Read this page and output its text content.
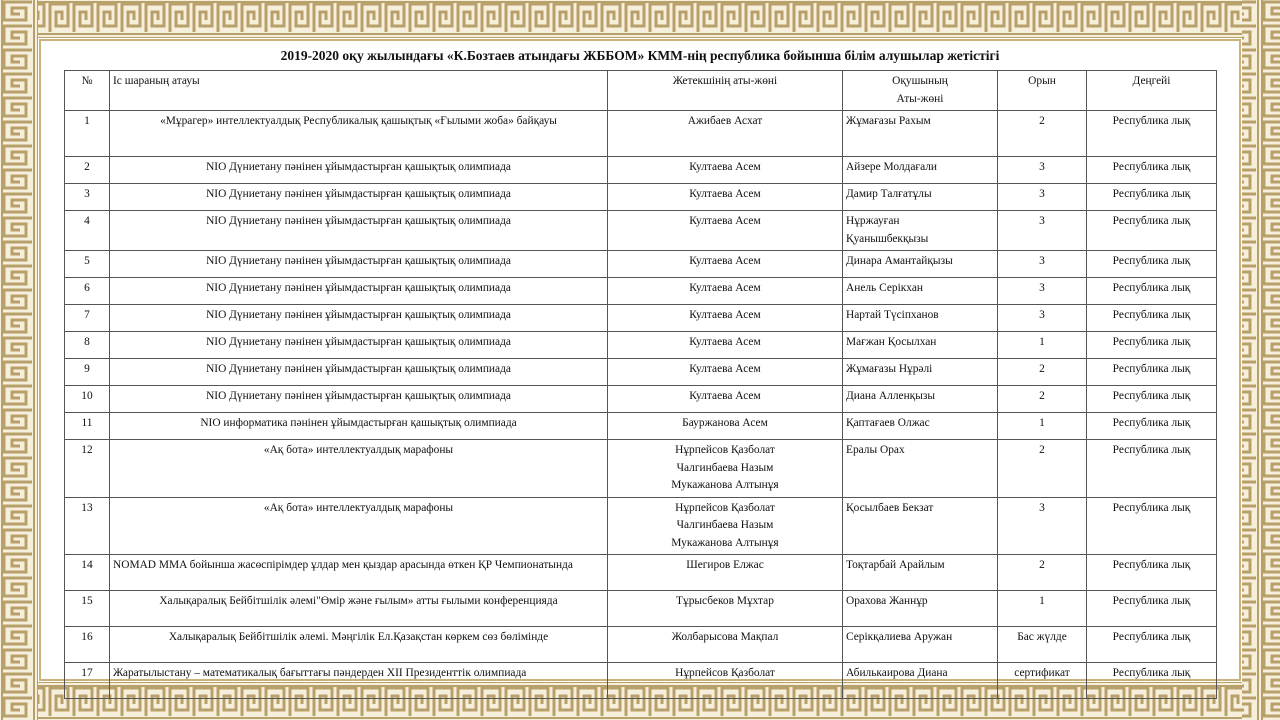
2019-2020 оқу жылындағы «К.Бозтаев атындағы ЖББОМ» КММ-нің республика бойынша білім алушылар жетістігі
№	Іс шараның атауы	Жетекшінің аты-жөні	Оқушының
Аты-жөні	Орын	Деңгейі
1	«Мұрагер» интеллектуалдық Республикалық қашықтық «Ғылыми жоба» байқауы	Ажибаев Асхат	Жұмағазы Рахым	2	Республика лық
2	NIO Дүниетану пәнінен ұйымдастырған қашықтық олимпиада	Култаева Асем	Айзере Молдағали	3	Республика лық
3	NIO Дүниетану пәнінен ұйымдастырған қашықтық олимпиада	Култаева Асем	Дамир Талғатұлы	3	Республика лық
4	NIO Дүниетану пәнінен ұйымдастырған қашықтық олимпиада	Култаева Асем	Нұржауған
Қуанышбекқызы	3	Республика лық
5	NIO Дүниетану пәнінен ұйымдастырған қашықтық олимпиада	Култаева Асем	Динара Амантайқызы	3	Республика лық
6	NIO Дүниетану пәнінен ұйымдастырған қашықтық олимпиада	Култаева Асем	Анель Серікхан	3	Республика лық
7	NIO Дүниетану пәнінен ұйымдастырған қашықтық олимпиада	Култаева Асем	Нартай Түсіпханов	3	Республика лық
8	NIO Дүниетану пәнінен ұйымдастырған қашықтық олимпиада	Култаева Асем	Мағжан Қосылхан	1	Республика лық
9	NIO Дүниетану пәнінен ұйымдастырған қашықтық олимпиада	Култаева Асем	Жұмағазы Нұрәлі	2	Республика лық
10	NIO Дүниетану пәнінен ұйымдастырған қашықтық олимпиада	Култаева Асем	Диана Алленқызы	2	Республика лық
11	NIO информатика пәнінен ұйымдастырған қашықтық олимпиада	Бауржанова Асем	Қаптағаев Олжас	1	Республика лық
12	«Ақ бота» интеллектуалдық марафоны	Нұрпейсов Қазболат
Чалгинбаева Назым
Мукажанова Алтынұя	Ералы Орах	2	Республика лық
13	«Ақ бота» интеллектуалдық марафоны	Нұрпейсов Қазболат
Чалгинбаева Назым
Мукажанова Алтынұя	Қосылбаев Бекзат	3	Республика лық
14	NOMAD MMA бойынша жасөспірімдер ұлдар мен қыздар арасында өткен ҚР Чемпионатында	Шегиров Елжас	Тоқтарбай Арайлым	2	Республика лық
15	Халықаралық Бейбітшілік әлемі"Өмір және ғылым» атты ғылыми конференцияда	Тұрысбеков Мұхтар	Орахова Жаннұр	1	Республика лық
16	Халықаралық Бейбітшілік әлемі. Мәңгілік Ел.Қазақстан көркем сөз бөлімінде	Жолбарысова Мақпал	Серікқалиева Аружан	Бас жүлде	Республика лық
17	Жаратылыстану – математикалық бағыттағы пәндерден XII Президенттік олимпиада	Нұрпейсов Қазболат	Абилькаирова Диана	сертификат	Республика лық
